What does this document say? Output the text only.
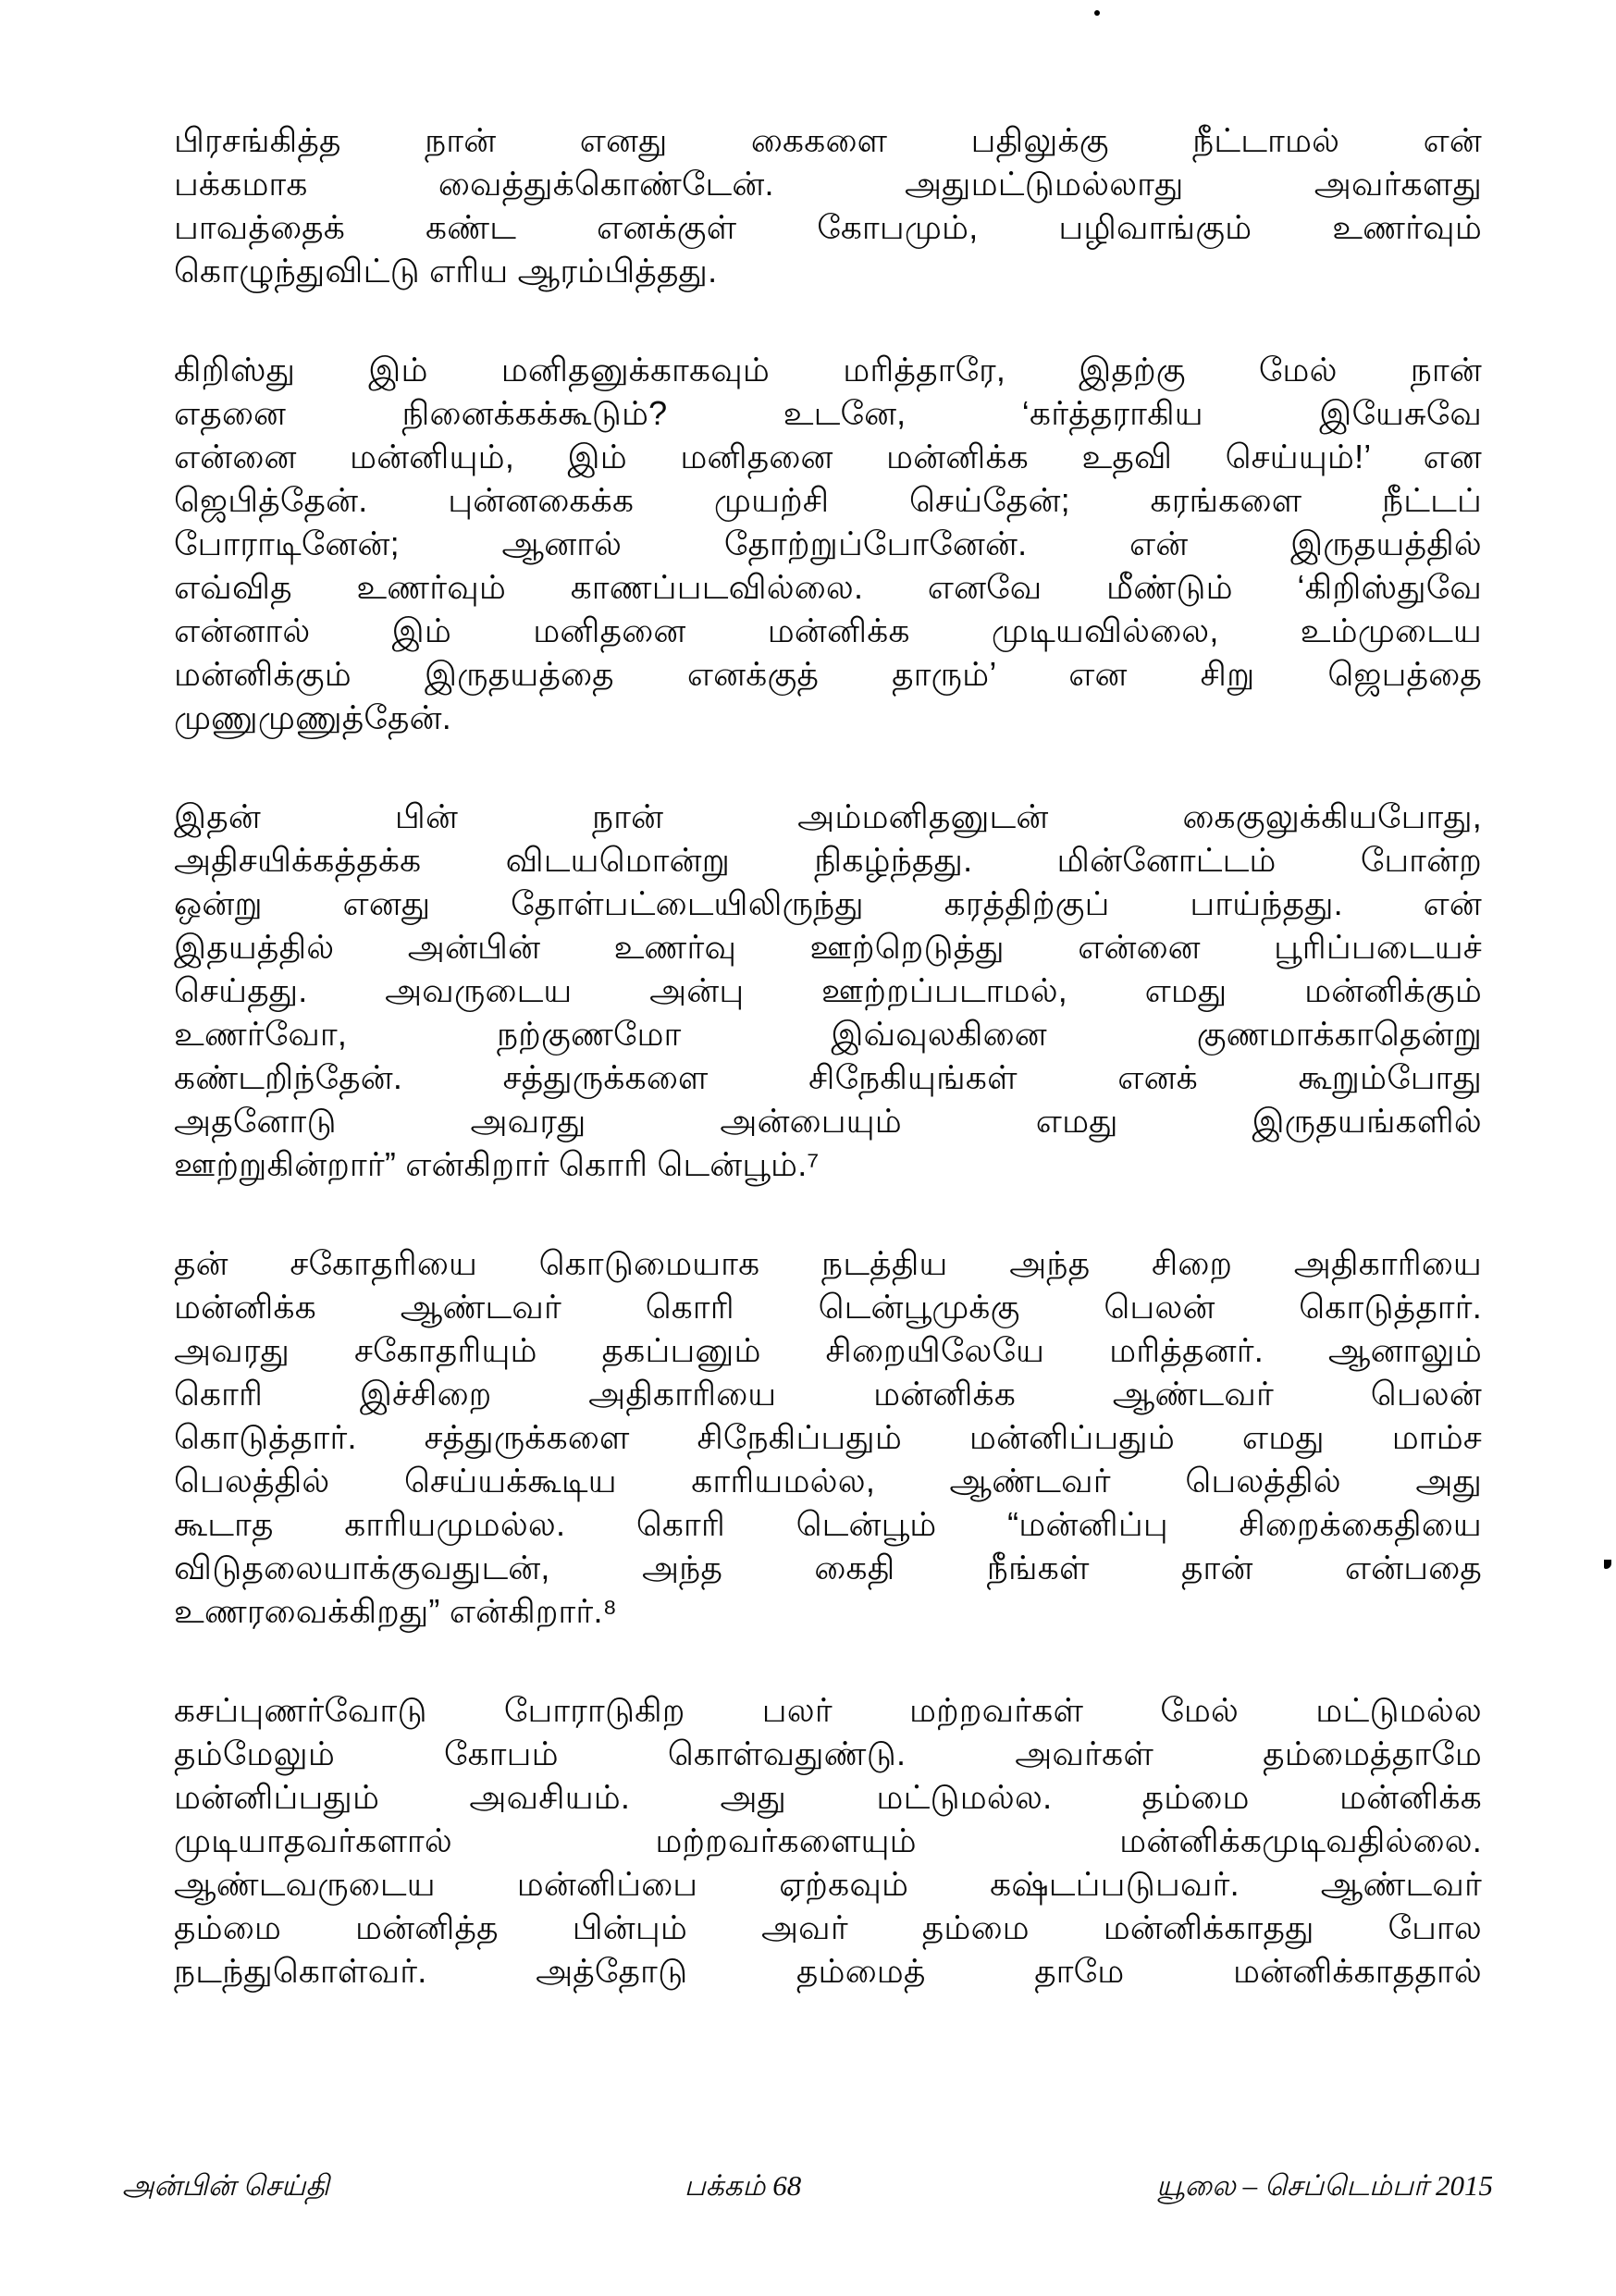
பிரசங்கித்த நான் எனது கைகளை பதிலுக்கு நீட்டாமல் என்
பக்கமாக வைத்துக்கொண்டேன். அதுமட்டுமல்லாது அவர்களது
பாவத்தைக் கண்ட எனக்குள் கோபமும், பழிவாங்கும் உணர்வும்
கொழுந்துவிட்டு எரிய ஆரம்பித்தது.
கிறிஸ்து இம் மனிதனுக்காகவும் மரித்தாரே, இதற்கு மேல் நான்
எதனை நினைக்கக்கூடும்? உடனே, ‘கர்த்தராகிய இயேசுவே
என்னை மன்னியும், இம் மனிதனை மன்னிக்க உதவி செய்யும்!’ என
ஜெபித்தேன். புன்னகைக்க முயற்சி செய்தேன்; கரங்களை நீட்டப்
போராடினேன்; ஆனால் தோற்றுப்போனேன். என் இருதயத்தில்
எவ்வித உணர்வும் காணப்படவில்லை. எனவே மீண்டும் ‘கிறிஸ்துவே
என்னால் இம் மனிதனை மன்னிக்க முடியவில்லை, உம்முடைய
மன்னிக்கும் இருதயத்தை எனக்குத் தாரும்’ என சிறு ஜெபத்தை
முணுமுணுத்தேன்.
இதன் பின் நான் அம்மனிதனுடன் கைகுலுக்கியபோது,
அதிசயிக்கத்தக்க விடயமொன்று நிகழ்ந்தது. மின்னோட்டம் போன்ற
ஒன்று எனது தோள்பட்டையிலிருந்து கரத்திற்குப் பாய்ந்தது. என்
இதயத்தில் அன்பின் உணர்வு ஊற்றெடுத்து என்னை பூரிப்படையச்
செய்தது. அவருடைய அன்பு ஊற்றப்படாமல், எமது மன்னிக்கும்
உணர்வோ, நற்குணமோ இவ்வுலகினை குணமாக்காதென்று
கண்டறிந்தேன். சத்துருக்களை சிநேகியுங்கள் எனக் கூறும்போது
அதனோடு அவரது அன்பையும் எமது இருதயங்களில்
ஊற்றுகின்றார்” என்கிறார் கொரி டென்பூம்.⁷
தன் சகோதரியை கொடுமையாக நடத்திய அந்த சிறை அதிகாரியை
மன்னிக்க ஆண்டவர் கொரி டென்பூமுக்கு பெலன் கொடுத்தார்.
அவரது சகோதரியும் தகப்பனும் சிறையிலேயே மரித்தனர். ஆனாலும்
கொரி இச்சிறை அதிகாரியை மன்னிக்க ஆண்டவர் பெலன்
கொடுத்தார். சத்துருக்களை சிநேகிப்பதும் மன்னிப்பதும் எமது மாம்ச
பெலத்தில் செய்யக்கூடிய காரியமல்ல, ஆண்டவர் பெலத்தில் அது
கூடாத காரியமுமல்ல. கொரி டென்பூம் “மன்னிப்பு சிறைக்கைதியை
விடுதலையாக்குவதுடன், அந்த கைதி நீங்கள் தான் என்பதை
உணரவைக்கிறது” என்கிறார்.⁸
கசப்புணர்வோடு போராடுகிற பலர் மற்றவர்கள் மேல் மட்டுமல்ல
தம்மேலும் கோபம் கொள்வதுண்டு. அவர்கள் தம்மைத்தாமே
மன்னிப்பதும் அவசியம். அது மட்டுமல்ல. தம்மை மன்னிக்க
முடியாதவர்களால் மற்றவர்களையும் மன்னிக்கமுடிவதில்லை.
ஆண்டவருடைய மன்னிப்பை ஏற்கவும் கஷ்டப்படுபவர். ஆண்டவர்
தம்மை மன்னித்த பின்பும் அவர் தம்மை மன்னிக்காதது போல
நடந்துகொள்வர். அத்தோடு தம்மைத் தாமே மன்னிக்காததால்
அன்பின் செய்தி	பக்கம் 68	யூலை – செப்டெம்பர் 2015
